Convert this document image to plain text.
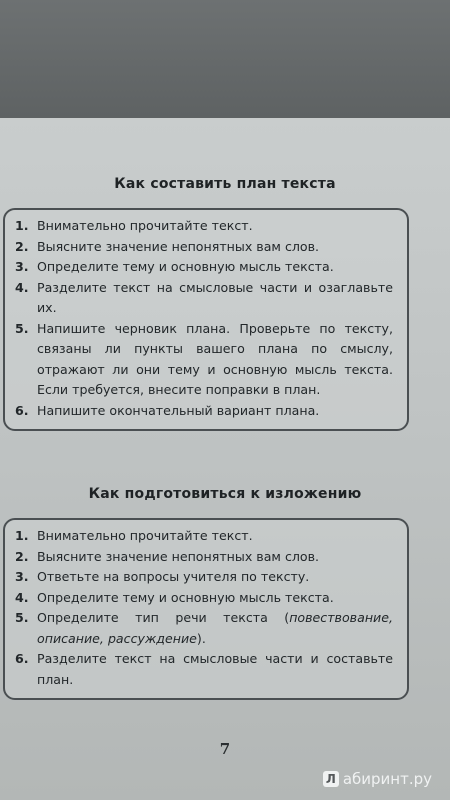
Как составить план текста
1. Внимательно прочитайте текст.
2. Выясните значение непонятных вам слов.
3. Определите тему и основную мысль текста.
4. Разделите текст на смысловые части и озаглавьте их.
5. Напишите черновик плана. Проверьте по тексту, связаны ли пункты вашего плана по смыслу, отражают ли они тему и основную мысль текста. Если требуется, внесите поправки в план.
6. Напишите окончательный вариант плана.
Как подготовиться к изложению
1. Внимательно прочитайте текст.
2. Выясните значение непонятных вам слов.
3. Ответьте на вопросы учителя по тексту.
4. Определите тему и основную мысль текста.
5. Определите тип речи текста (повествование, описание, рассуждение).
6. Разделите текст на смысловые части и составьте план.
7
Л абиринт.ру
